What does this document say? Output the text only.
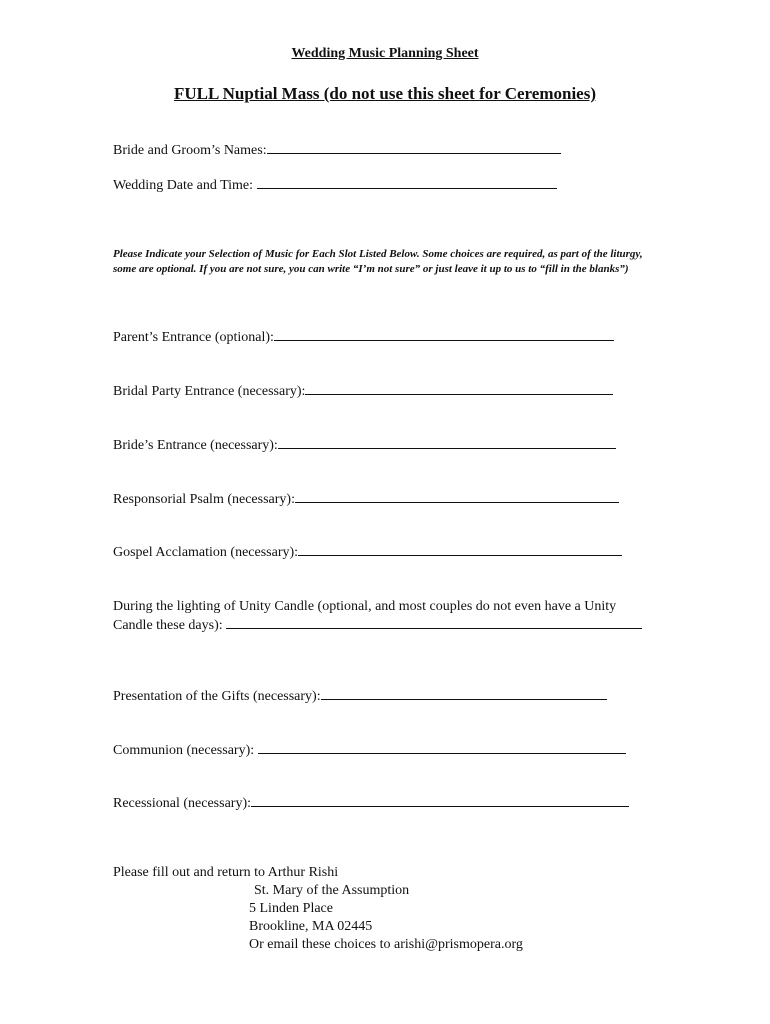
Wedding Music Planning Sheet
FULL Nuptial Mass (do not use this sheet for Ceremonies)
Bride and Groom’s Names:
Wedding Date and Time:
Please Indicate your Selection of Music for Each Slot Listed Below. Some choices are required, as part of the liturgy, some are optional. If you are not sure, you can write “I’m not sure” or just leave it up to us to “fill in the blanks”)
Parent’s Entrance (optional):
Bridal Party Entrance (necessary):
Bride’s Entrance (necessary):
Responsorial Psalm (necessary):
Gospel Acclamation (necessary):
During the lighting of Unity Candle (optional, and most couples do not even have a Unity
Candle these days):
Presentation of the Gifts (necessary):
Communion (necessary):
Recessional (necessary):
Please fill out and return to Arthur Rishi
St. Mary of the Assumption
5 Linden Place
Brookline, MA 02445
Or email these choices to arishi@prismopera.org
